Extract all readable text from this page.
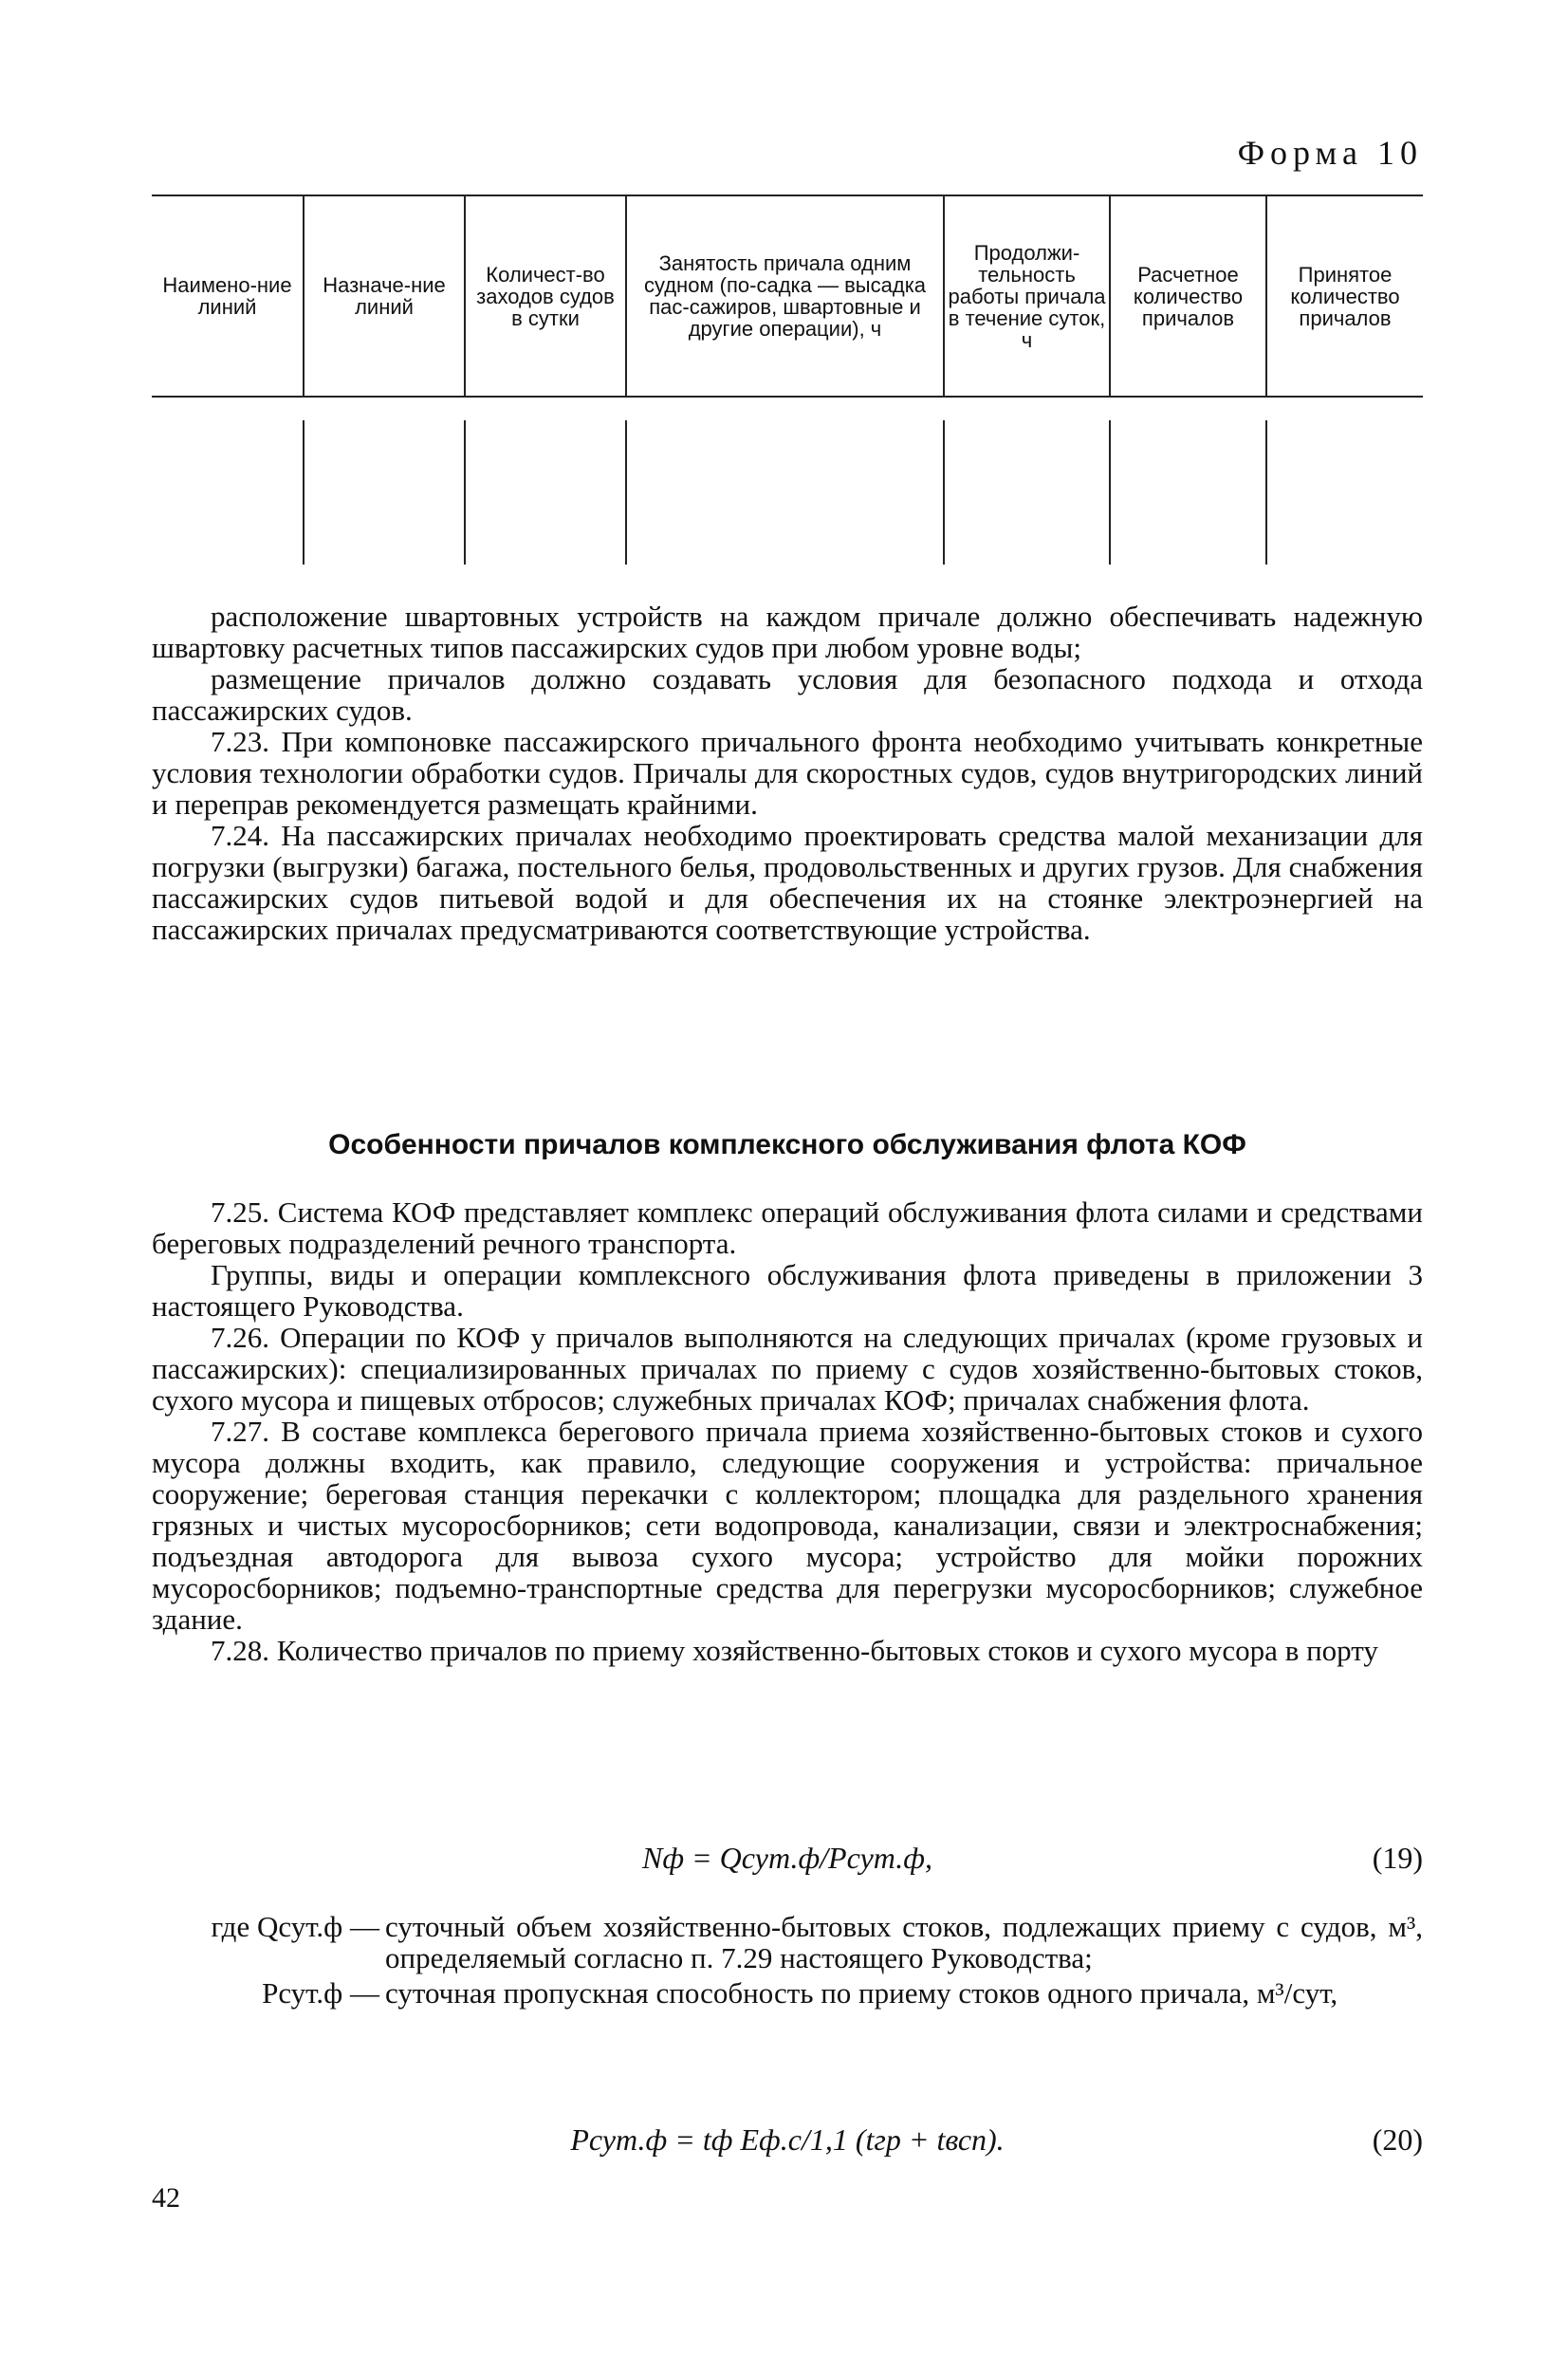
Форма 10
Наимено-ние линий	Назначе-ние линий	Количест-во заходов судов в сутки	Занятость причала одним судном (по-садка — высадка пас-сажиров, швартовные и другие операции), ч	Продолжи-тельность работы причала в течение суток, ч	Расчетное количество причалов	Принятое количество причалов

расположение швартовных устройств на каждом причале должно обеспечивать надежную швартовку расчетных типов пассажирских судов при любом уровне воды;

размещение причалов должно создавать условия для безопасного подхода и отхода пассажирских судов.

7.23. При компоновке пассажирского причального фронта необходимо учитывать конкретные условия технологии обработки судов. Причалы для скоростных судов, судов внутригородских линий и переправ рекомендуется размещать крайними.

7.24. На пассажирских причалах необходимо проектировать средства малой механизации для погрузки (выгрузки) багажа, постельного белья, продовольственных и других грузов. Для снабжения пассажирских судов питьевой водой и для обеспечения их на стоянке электроэнергией на пассажирских причалах предусматриваются соответствующие устройства.

Особенности причалов комплексного обслуживания флота КОФ

7.25. Система КОФ представляет комплекс операций обслуживания флота силами и средствами береговых подразделений речного транспорта.

Группы, виды и операции комплексного обслуживания флота приведены в приложении 3 настоящего Руководства.

7.26. Операции по КОФ у причалов выполняются на следующих причалах (кроме грузовых и пассажирских): специализированных причалах по приему с судов хозяйственно-бытовых стоков, сухого мусора и пищевых отбросов; служебных причалах КОФ; причалах снабжения флота.

7.27. В составе комплекса берегового причала приема хозяйственно-бытовых стоков и сухого мусора должны входить, как правило, следующие сооружения и устройства: причальное сооружение; береговая станция перекачки с коллектором; площадка для раздельного хранения грязных и чистых мусоросборников; сети водопровода, канализации, связи и электроснабжения; подъездная автодорога для вывоза сухого мусора; устройство для мойки порожних мусоросборников; подъемно-транспортные средства для перегрузки мусоросборников; служебное здание.

7.28. Количество причалов по приему хозяйственно-бытовых стоков и сухого мусора в порту

Nф = Qсут.ф/Pсут.ф,	(19)
где Qсут.ф — суточный объем хозяйственно-бытовых стоков, подлежащих приему с судов, м³, определяемый согласно п. 7.29 настоящего Руководства;
Pсут.ф — суточная пропускная способность по приему стоков одного причала, м³/сут,
Pсут.ф = tф Eф.с/1,1 (tгр + tвсп).	(20)
42
